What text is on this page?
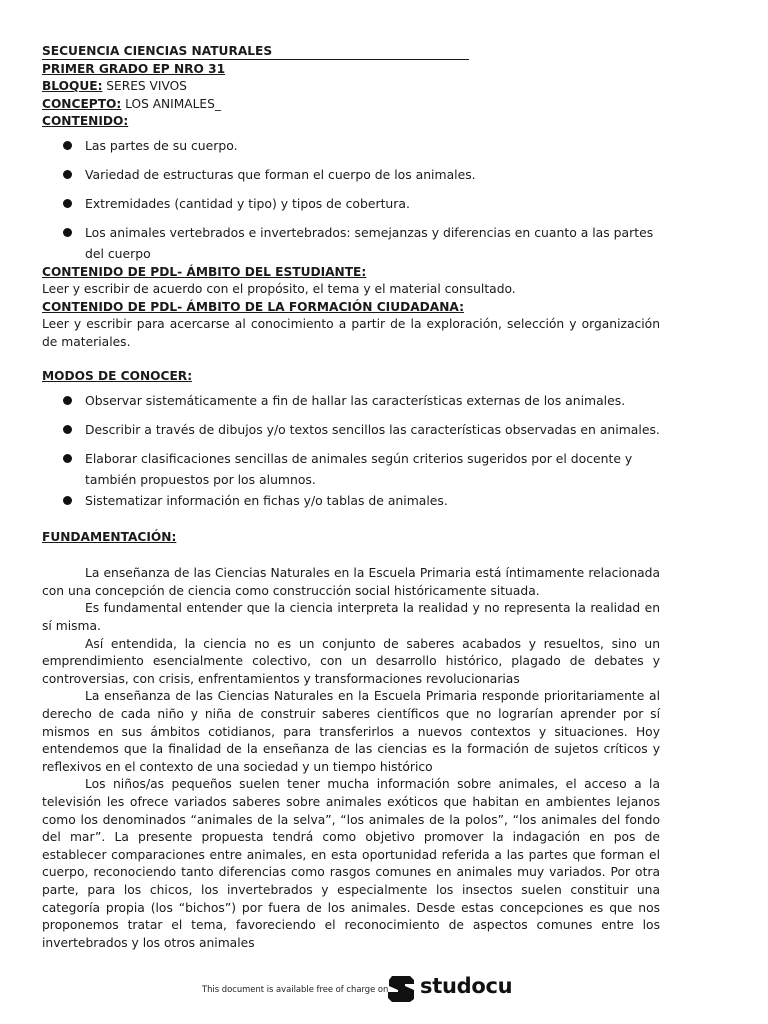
SECUENCIA CIENCIAS NATURALES
PRIMER GRADO EP NRO 31
BLOQUE: SERES VIVOS
CONCEPTO: LOS ANIMALES_
CONTENIDO:
Las partes de su cuerpo.
Variedad de estructuras que forman el cuerpo de los animales.
Extremidades (cantidad y tipo) y tipos de cobertura.
Los animales vertebrados e invertebrados: semejanzas y diferencias en cuanto a las partes del cuerpo
CONTENIDO DE PDL- ÁMBITO DEL ESTUDIANTE:

Leer y escribir de acuerdo con el propósito, el tema y el material consultado.

CONTENIDO DE PDL- ÁMBITO DE LA FORMACIÓN CIUDADANA:

Leer y escribir para acercarse al conocimiento a partir de la exploración, selección y organización de materiales.

MODOS DE CONOCER:
Observar sistemáticamente a fin de hallar las características externas de los animales.
Describir a través de dibujos y/o textos sencillos las características observadas en animales.
Elaborar clasificaciones sencillas de animales según criterios sugeridos por el docente y también propuestos por los alumnos.
Sistematizar información en fichas y/o tablas de animales.
FUNDAMENTACIÓN:

La enseñanza de las Ciencias Naturales en la Escuela Primaria está íntimamente relacionada con una concepción de ciencia como construcción social históricamente situada.

Es fundamental entender que la ciencia interpreta la realidad y no representa la realidad en sí misma.

Así entendida, la ciencia no es un conjunto de saberes acabados y resueltos, sino un emprendimiento esencialmente colectivo, con un desarrollo histórico, plagado de debates y controversias, con crisis, enfrentamientos y transformaciones revolucionarias

La enseñanza de las Ciencias Naturales en la Escuela Primaria responde prioritariamente al derecho de cada niño y niña de construir saberes científicos que no lograrían aprender por sí mismos en sus ámbitos cotidianos, para transferirlos a nuevos contextos y situaciones. Hoy entendemos que la finalidad de la enseñanza de las ciencias es la formación de sujetos críticos y reflexivos en el contexto de una sociedad y un tiempo histórico

Los niños/as pequeños suelen tener mucha información sobre animales, el acceso a la televisión les ofrece variados saberes sobre animales exóticos que habitan en ambientes lejanos como los denominados “animales de la selva”, “los animales de la polos”, “los animales del fondo del mar”. La presente propuesta tendrá como objetivo promover la indagación en pos de establecer comparaciones entre animales, en esta oportunidad referida a las partes que forman el cuerpo, reconociendo tanto diferencias como rasgos comunes en animales muy variados. Por otra parte, para los chicos, los invertebrados y especialmente los insectos suelen constituir una categoría propia (los “bichos”) por fuera de los animales. Desde estas concepciones es que nos proponemos tratar el tema, favoreciendo el reconocimiento de aspectos comunes entre los invertebrados y los otros animales

This document is available free of charge on studocu
